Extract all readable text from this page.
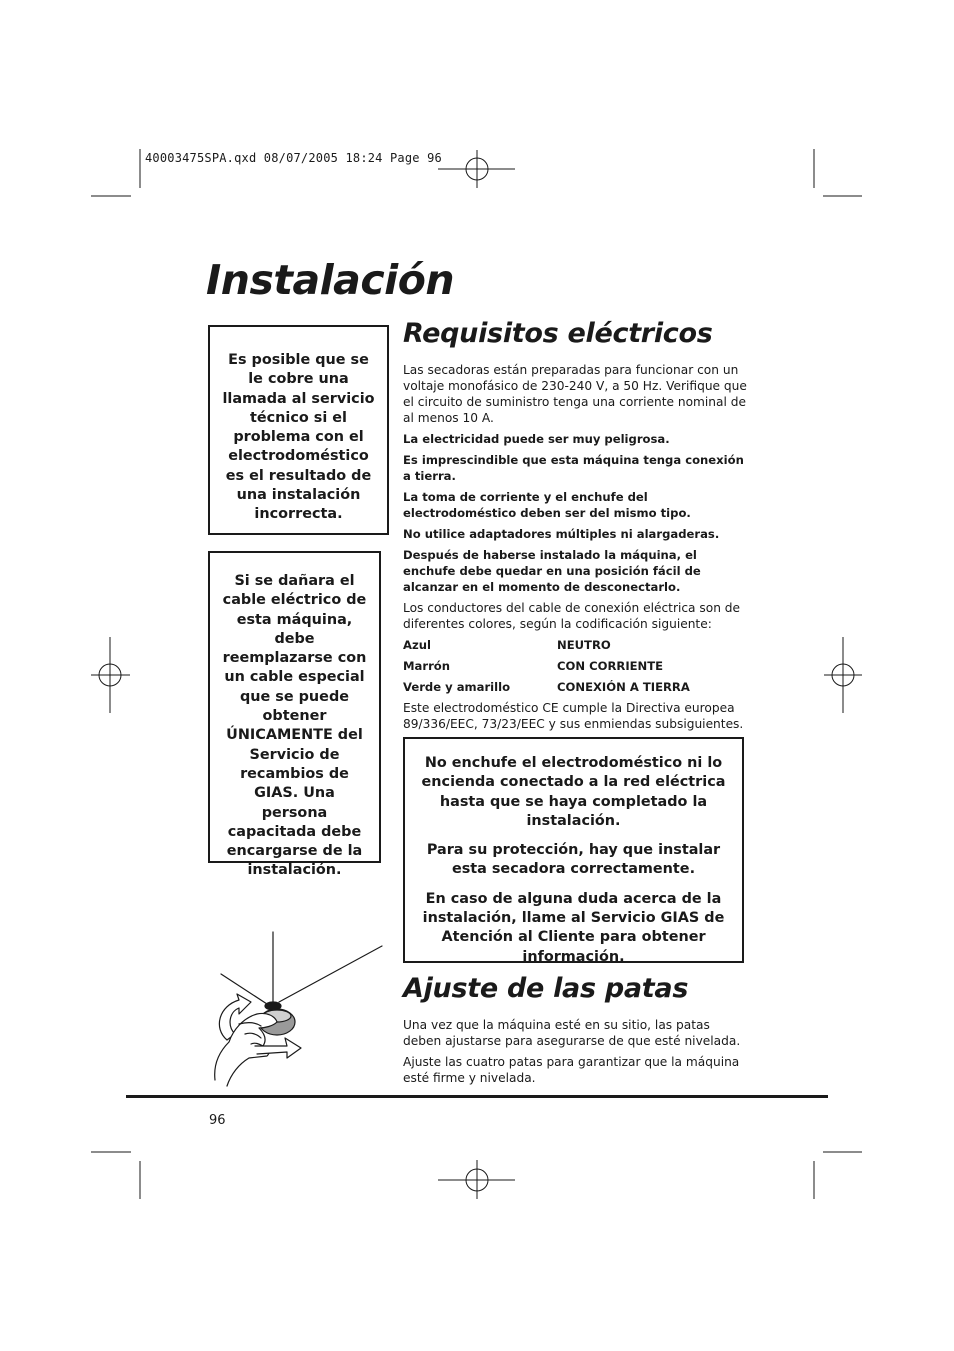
40003475SPA.qxd 08/07/2005 18:24 Page 96
Instalación
Es posible que se le cobre una llamada al servicio técnico si el problema con el electrodoméstico es el resultado de una instalación incorrecta.
Si se dañara el cable eléctrico de esta máquina, debe reemplazarse con un cable especial que se puede obtener ÚNICAMENTE del Servicio de recambios de GIAS. Una persona capacitada debe encargarse de la instalación.
Requisitos eléctricos

Las secadoras están preparadas para funcionar con un voltaje monofásico de 230-240 V, a 50 Hz. Verifique que el circuito de suministro tenga una corriente nominal de al menos 10 A.

La electricidad puede ser muy peligrosa.

Es imprescindible que esta máquina tenga conexión a tierra.

La toma de corriente y el enchufe del electrodoméstico deben ser del mismo tipo.

No utilice adaptadores múltiples ni alargaderas.

Después de haberse instalado la máquina, el enchufe debe quedar en una posición fácil de alcanzar en el momento de desconectarlo.

Los conductores del cable de conexión eléctrica son de diferentes colores, según la codificación siguiente:

Azul	NEUTRO
Marrón	CON CORRIENTE
Verde y amarillo	CONEXIÓN A TIERRA

Este electrodoméstico CE cumple la Directiva europea 89/336/EEC, 73/23/EEC y sus enmiendas subsiguientes.

No enchufe el electrodoméstico ni lo encienda conectado a la red eléctrica hasta que se haya completado la instalación.

Para su protección, hay que instalar esta secadora correctamente.

En caso de alguna duda acerca de la instalación, llame al Servicio GIAS de Atención al Cliente para obtener información.

Ajuste de las patas

Una vez que la máquina esté en su sitio, las patas deben ajustarse para asegurarse de que esté nivelada.

Ajuste las cuatro patas para garantizar que la máquina esté firme y nivelada.

96
